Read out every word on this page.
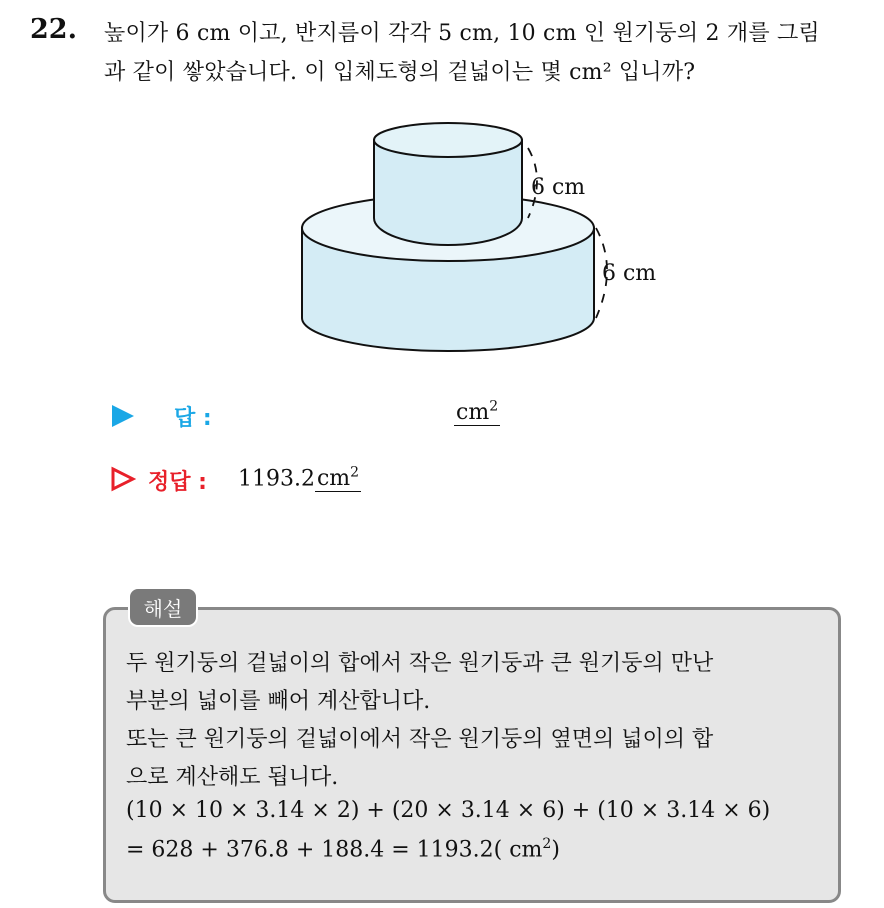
22. 높이가 6 cm 이고, 반지름이 각각 5 cm, 10 cm 인 원기둥의 2 개를 그림
과 같이 쌓았습니다. 이 입체도형의 겉넓이는 몇 cm² 입니까?
6 cm
6 cm
답 :	$cm^2$
정답 : $1193.2cm^2$
해설
두 원기둥의 겉넓이의 합에서 작은 원기둥과 큰 원기둥의 만난
부분의 넓이를 빼어 계산합니다.
또는 큰 원기둥의 겉넓이에서 작은 원기둥의 옆면의 넓이의 합
으로 계산해도 됩니다.
(10 × 10 × 3.14 × 2) + (20 × 3.14 × 6) + (10 × 3.14 × 6)
= 628 + 376.8 + 188.4 = 1193.2( $cm^2$)
